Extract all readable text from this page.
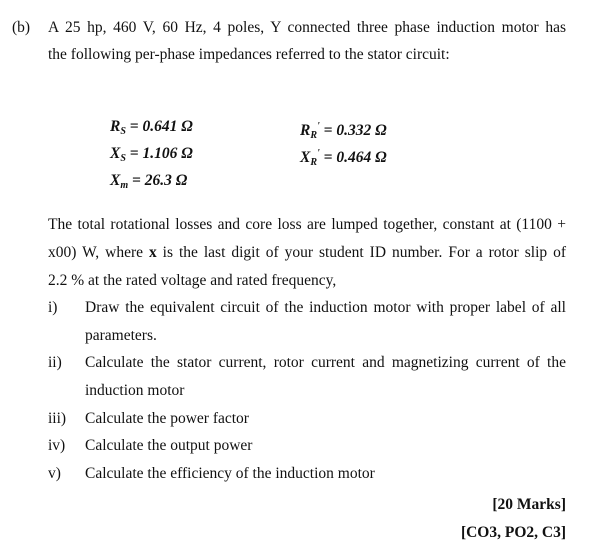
(b) A 25 hp, 460 V, 60 Hz, 4 poles, Y connected three phase induction motor has
the following per-phase impedances referred to the stator circuit:
$R_S = 0.641$ Ω
$X_S = 1.106$ Ω
$X_m = 26.3$ Ω
$R_R' = 0.332$ Ω
$X_R' = 0.464$ Ω
The total rotational losses and core loss are lumped together, constant at (1100 +
x00) W, where x is the last digit of your student ID number. For a rotor slip of
2.2 % at the rated voltage and rated frequency,
i) Draw the equivalent circuit of the induction motor with proper label of all
parameters.
ii) Calculate the stator current, rotor current and magnetizing current of the
induction motor
iii) Calculate the power factor
iv) Calculate the output power
v) Calculate the efficiency of the induction motor
[20 Marks]
[CO3, PO2, C3]
